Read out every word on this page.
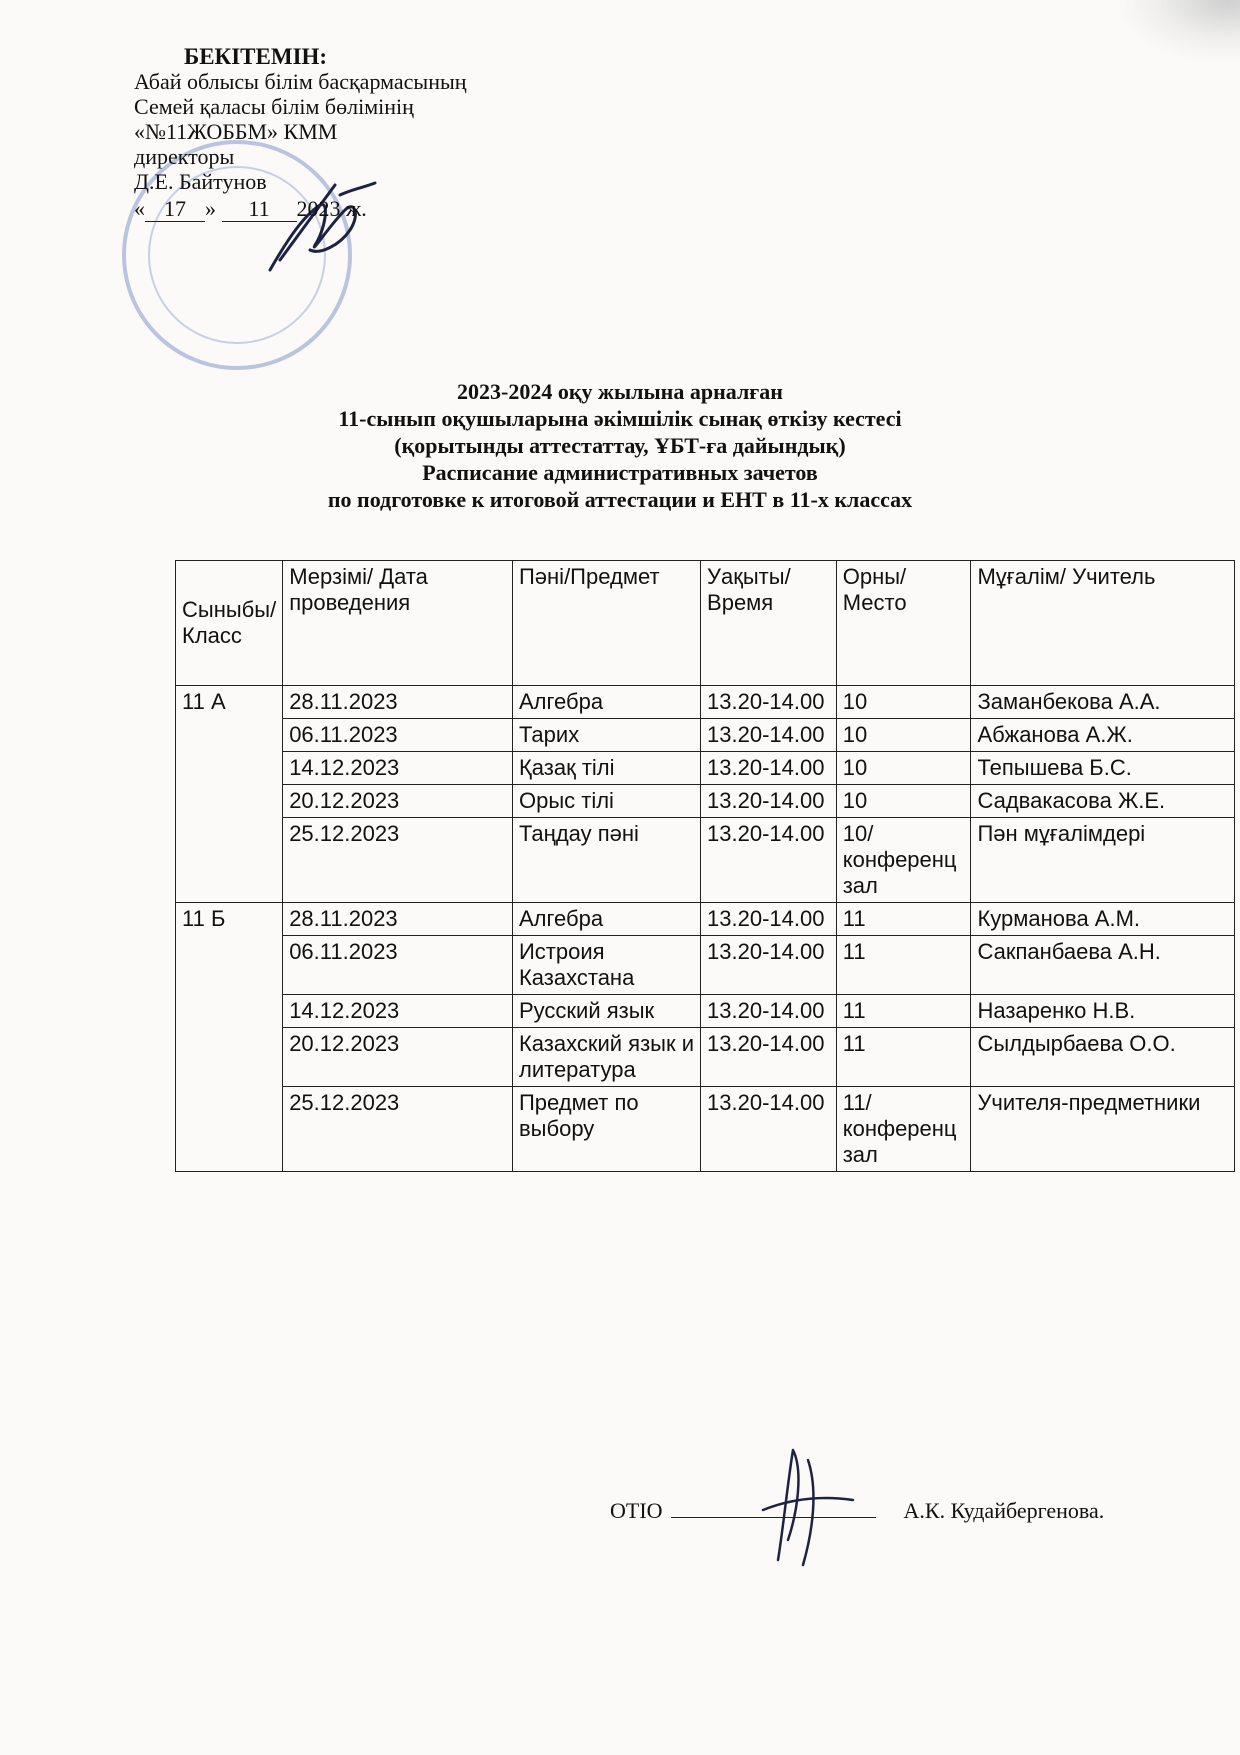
БЕКІТЕМІН:
Абай облысы білім басқармасының
Семей қаласы білім бөлімінің
«№11ЖОББМ» КММ
директоры
Д.Е. Байтунов
« 17 » 11 2023 ж.
2023-2024 оқу жылына арналған
11-сынып оқушыларына әкімшілік сынақ өткізу кестесі
(қорытынды аттестаттау, ҰБТ-ға дайындық)
Расписание административных зачетов
по подготовке к итоговой аттестации и ЕНТ в 11-х классах
Сыныбы/ Класс	Мерзімі/ Дата проведения	Пәні/Предмет	Уақыты/ Время	Орны/ Место	Мұғалім/ Учитель
11 А	28.11.2023	Алгебра	13.20-14.00	10	Заманбекова А.А.
	06.11.2023	Тарих	13.20-14.00	10	Абжанова А.Ж.
	14.12.2023	Қазақ тілі	13.20-14.00	10	Тепышева Б.С.
	20.12.2023	Орыс тілі	13.20-14.00	10	Садвакасова Ж.Е.
	25.12.2023	Таңдау пәні	13.20-14.00	10/ конференц зал	Пән мұғалімдері
11 Б	28.11.2023	Алгебра	13.20-14.00	11	Курманова А.М.
	06.11.2023	Истроия Казахстана	13.20-14.00	11	Сакпанбаева А.Н.
	14.12.2023	Русский язык	13.20-14.00	11	Назаренко Н.В.
	20.12.2023	Казахский язык и литература	13.20-14.00	11	Сылдырбаева О.О.
	25.12.2023	Предмет по выбору	13.20-14.00	11/ конференц зал	Учителя-предметники
ОТІО	А.К. Кудайбергенова.
